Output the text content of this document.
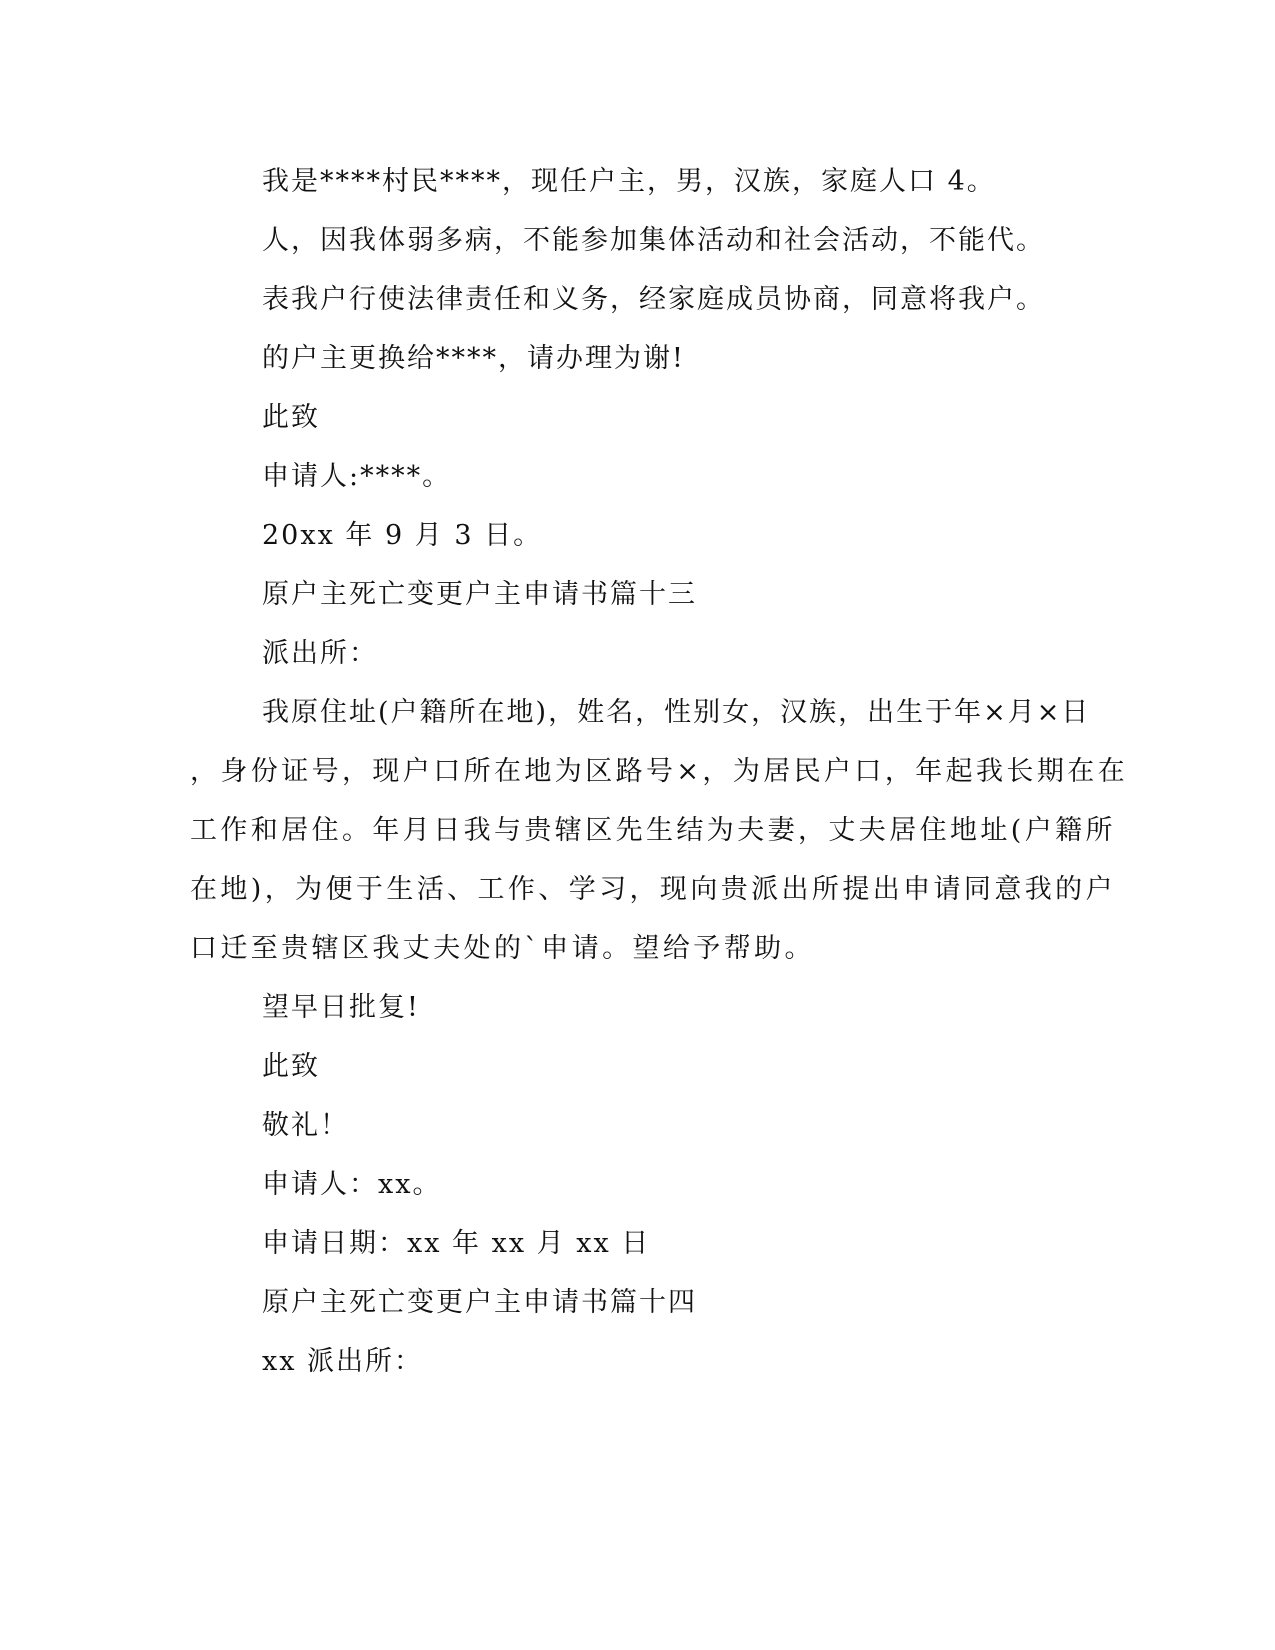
我是****村民****，现任户主，男，汉族，家庭人口 4。
人，因我体弱多病，不能参加集体活动和社会活动，不能代。
表我户行使法律责任和义务，经家庭成员协商，同意将我户。
的户主更换给****，请办理为谢!
此致
申请人:****。
20xx 年 9 月 3 日。
原户主死亡变更户主申请书篇十三
派出所：
我原住址(户籍所在地)，姓名，性别女，汉族，出生于年×月×日
，身份证号，现户口所在地为区路号×，为居民户口，年起我长期在在
工作和居住。年月日我与贵辖区先生结为夫妻，丈夫居住地址(户籍所
在地)，为便于生活、工作、学习，现向贵派出所提出申请同意我的户
口迁至贵辖区我丈夫处的`申请。望给予帮助。
望早日批复!
此致
敬礼！
申请人：xx。
申请日期：xx 年 xx 月 xx 日
原户主死亡变更户主申请书篇十四
xx 派出所：
